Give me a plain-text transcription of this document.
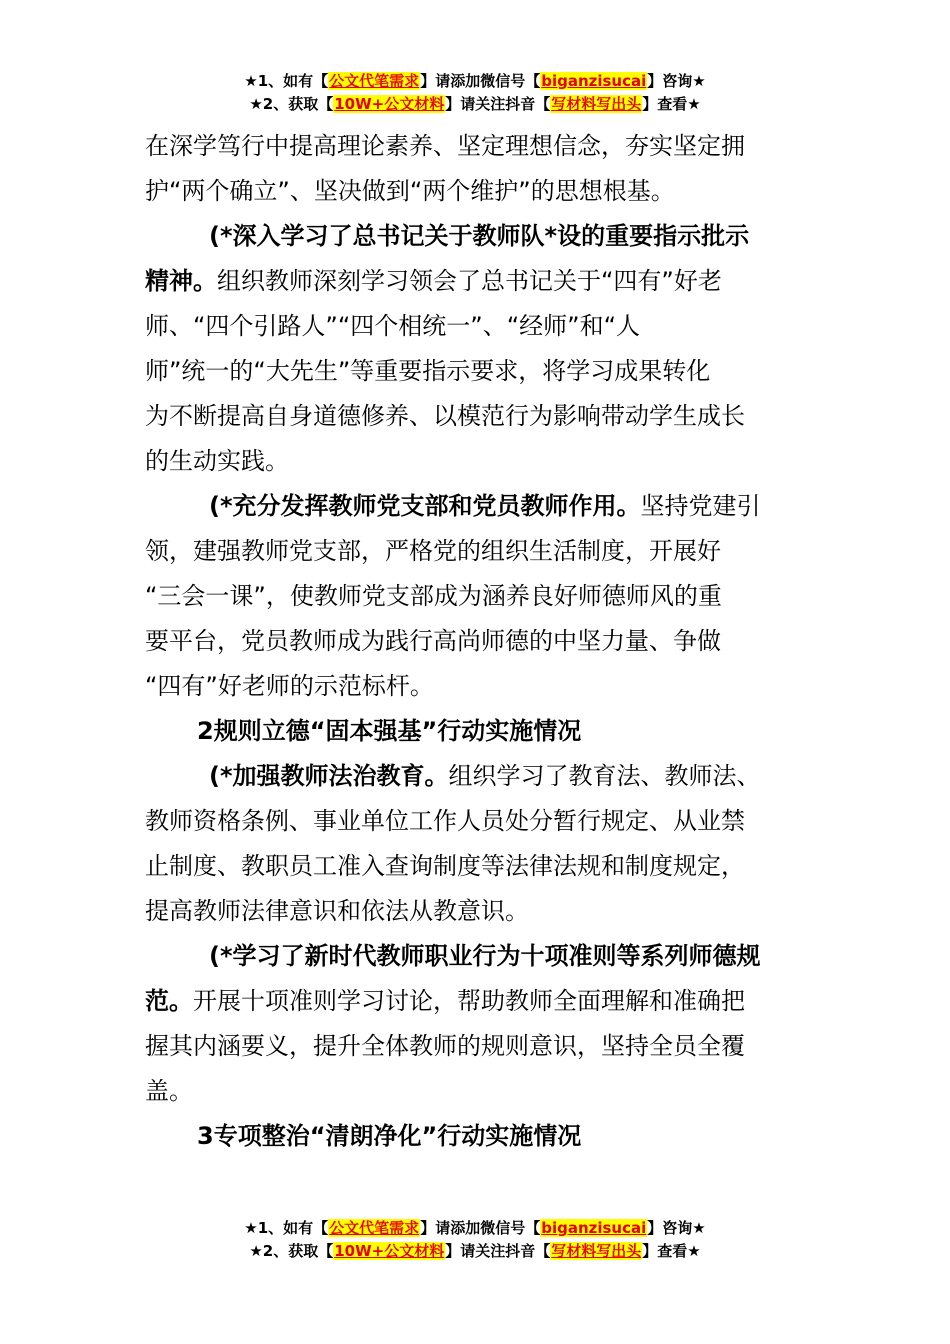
★1、如有【公文代笔需求】请添加微信号【biganzisucai】咨询★
★2、获取【10W+公文材料】请关注抖音【写材料写出头】查看★
在深学笃行中提高理论素养、坚定理想信念，夯实坚定拥
护“两个确立”、坚决做到“两个维护”的思想根基。
(*深入学习了总书记关于教师队*设的重要指示批示
精神。组织教师深刻学习领会了总书记关于“四有”好老
师、“四个引路人”“四个相统一”、“经师”和“人
师”统一的“大先生”等重要指示要求，将学习成果转化
为不断提高自身道德修养、以模范行为影响带动学生成长
的生动实践。
(*充分发挥教师党支部和党员教师作用。坚持党建引
领，建强教师党支部，严格党的组织生活制度，开展好
“三会一课”，使教师党支部成为涵养良好师德师风的重
要平台，党员教师成为践行高尚师德的中坚力量、争做
“四有”好老师的示范标杆。
2规则立德“固本强基”行动实施情况
(*加强教师法治教育。组织学习了教育法、教师法、
教师资格条例、事业单位工作人员处分暂行规定、从业禁
止制度、教职员工准入查询制度等法律法规和制度规定，
提高教师法律意识和依法从教意识。
(*学习了新时代教师职业行为十项准则等系列师德规
范。开展十项准则学习讨论，帮助教师全面理解和准确把
握其内涵要义，提升全体教师的规则意识，坚持全员全覆
盖。
3专项整治“清朗净化”行动实施情况
★1、如有【公文代笔需求】请添加微信号【biganzisucai】咨询★
★2、获取【10W+公文材料】请关注抖音【写材料写出头】查看★
